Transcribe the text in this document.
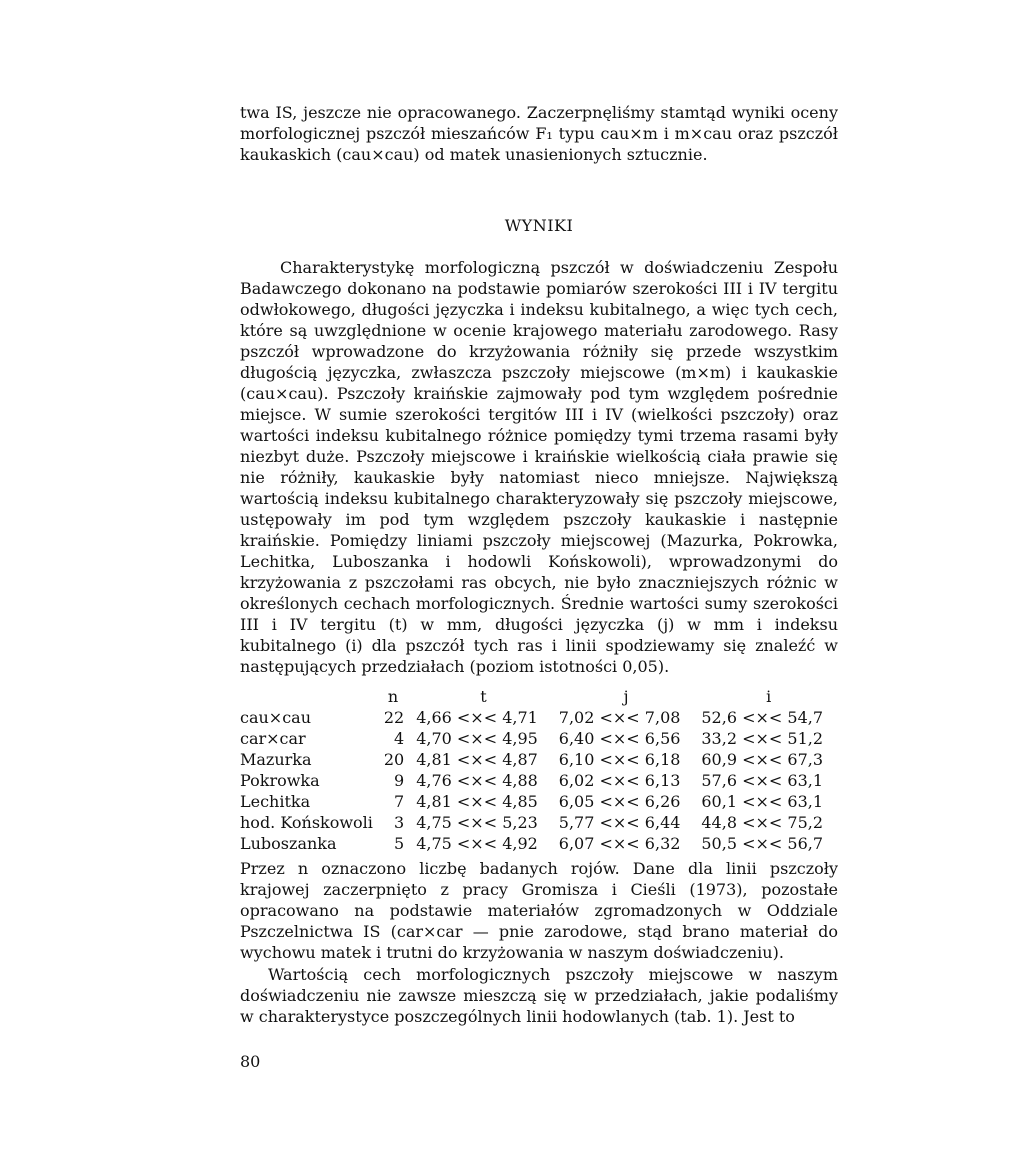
twa IS, jeszcze nie opracowanego. Zaczerpnęliśmy stamtąd wyniki oceny morfologicznej pszczół mieszańców F₁ typu cau×m i m×cau oraz pszczół kaukaskich (cau×cau) od matek unasienionych sztucznie.

WYNIKI

Charakterystykę morfologiczną pszczół w doświadczeniu Zespołu Badawczego dokonano na podstawie pomiarów szerokości III i IV tergitu odwłokowego, długości języczka i indeksu kubitalnego, a więc tych cech, które są uwzględnione w ocenie krajowego materiału zarodowego. Rasy pszczół wprowadzone do krzyżowania różniły się przede wszystkim długością języczka, zwłaszcza pszczoły miejscowe (m×m) i kaukaskie (cau×cau). Pszczoły kraińskie zajmowały pod tym względem pośrednie miejsce. W sumie szerokości tergitów III i IV (wielkości pszczoły) oraz wartości indeksu kubitalnego różnice pomiędzy tymi trzema rasami były niezbyt duże. Pszczoły miejscowe i kraińskie wielkością ciała prawie się nie różniły, kaukaskie były natomiast nieco mniejsze. Największą wartością indeksu kubitalnego charakteryzowały się pszczoły miejscowe, ustępowały im pod tym względem pszczoły kaukaskie i następnie kraińskie. Pomiędzy liniami pszczoły miejscowej (Mazurka, Pokrowka, Lechitka, Luboszanka i hodowli Końskowoli), wprowadzonymi do krzyżowania z pszczołami ras obcych, nie było znaczniejszych różnic w określonych cechach morfologicznych. Średnie wartości sumy szerokości III i IV tergitu (t) w mm, długości języczka (j) w mm i indeksu kubitalnego (i) dla pszczół tych ras i linii spodziewamy się znaleźć w następujących przedziałach (poziom istotności 0,05).

	n	t	j	i
cau×cau	22	4,66 <×< 4,71	7,02 <×< 7,08	52,6 <×< 54,7
car×car	4	4,70 <×< 4,95	6,40 <×< 6,56	33,2 <×< 51,2
Mazurka	20	4,81 <×< 4,87	6,10 <×< 6,18	60,9 <×< 67,3
Pokrowka	9	4,76 <×< 4,88	6,02 <×< 6,13	57,6 <×< 63,1
Lechitka	7	4,81 <×< 4,85	6,05 <×< 6,26	60,1 <×< 63,1
hod. Końskowoli	3	4,75 <×< 5,23	5,77 <×< 6,44	44,8 <×< 75,2
Luboszanka	5	4,75 <×< 4,92	6,07 <×< 6,32	50,5 <×< 56,7

Przez n oznaczono liczbę badanych rojów. Dane dla linii pszczoły krajowej zaczerpnięto z pracy Gromisza i Cieśli (1973), pozostałe opracowano na podstawie materiałów zgromadzonych w Oddziale Pszczelnictwa IS (car×car — pnie zarodowe, stąd brano materiał do wychowu matek i trutni do krzyżowania w naszym doświadczeniu).

Wartością cech morfologicznych pszczoły miejscowe w naszym doświadczeniu nie zawsze mieszczą się w przedziałach, jakie podaliśmy w charakterystyce poszczególnych linii hodowlanych (tab. 1). Jest to

80
